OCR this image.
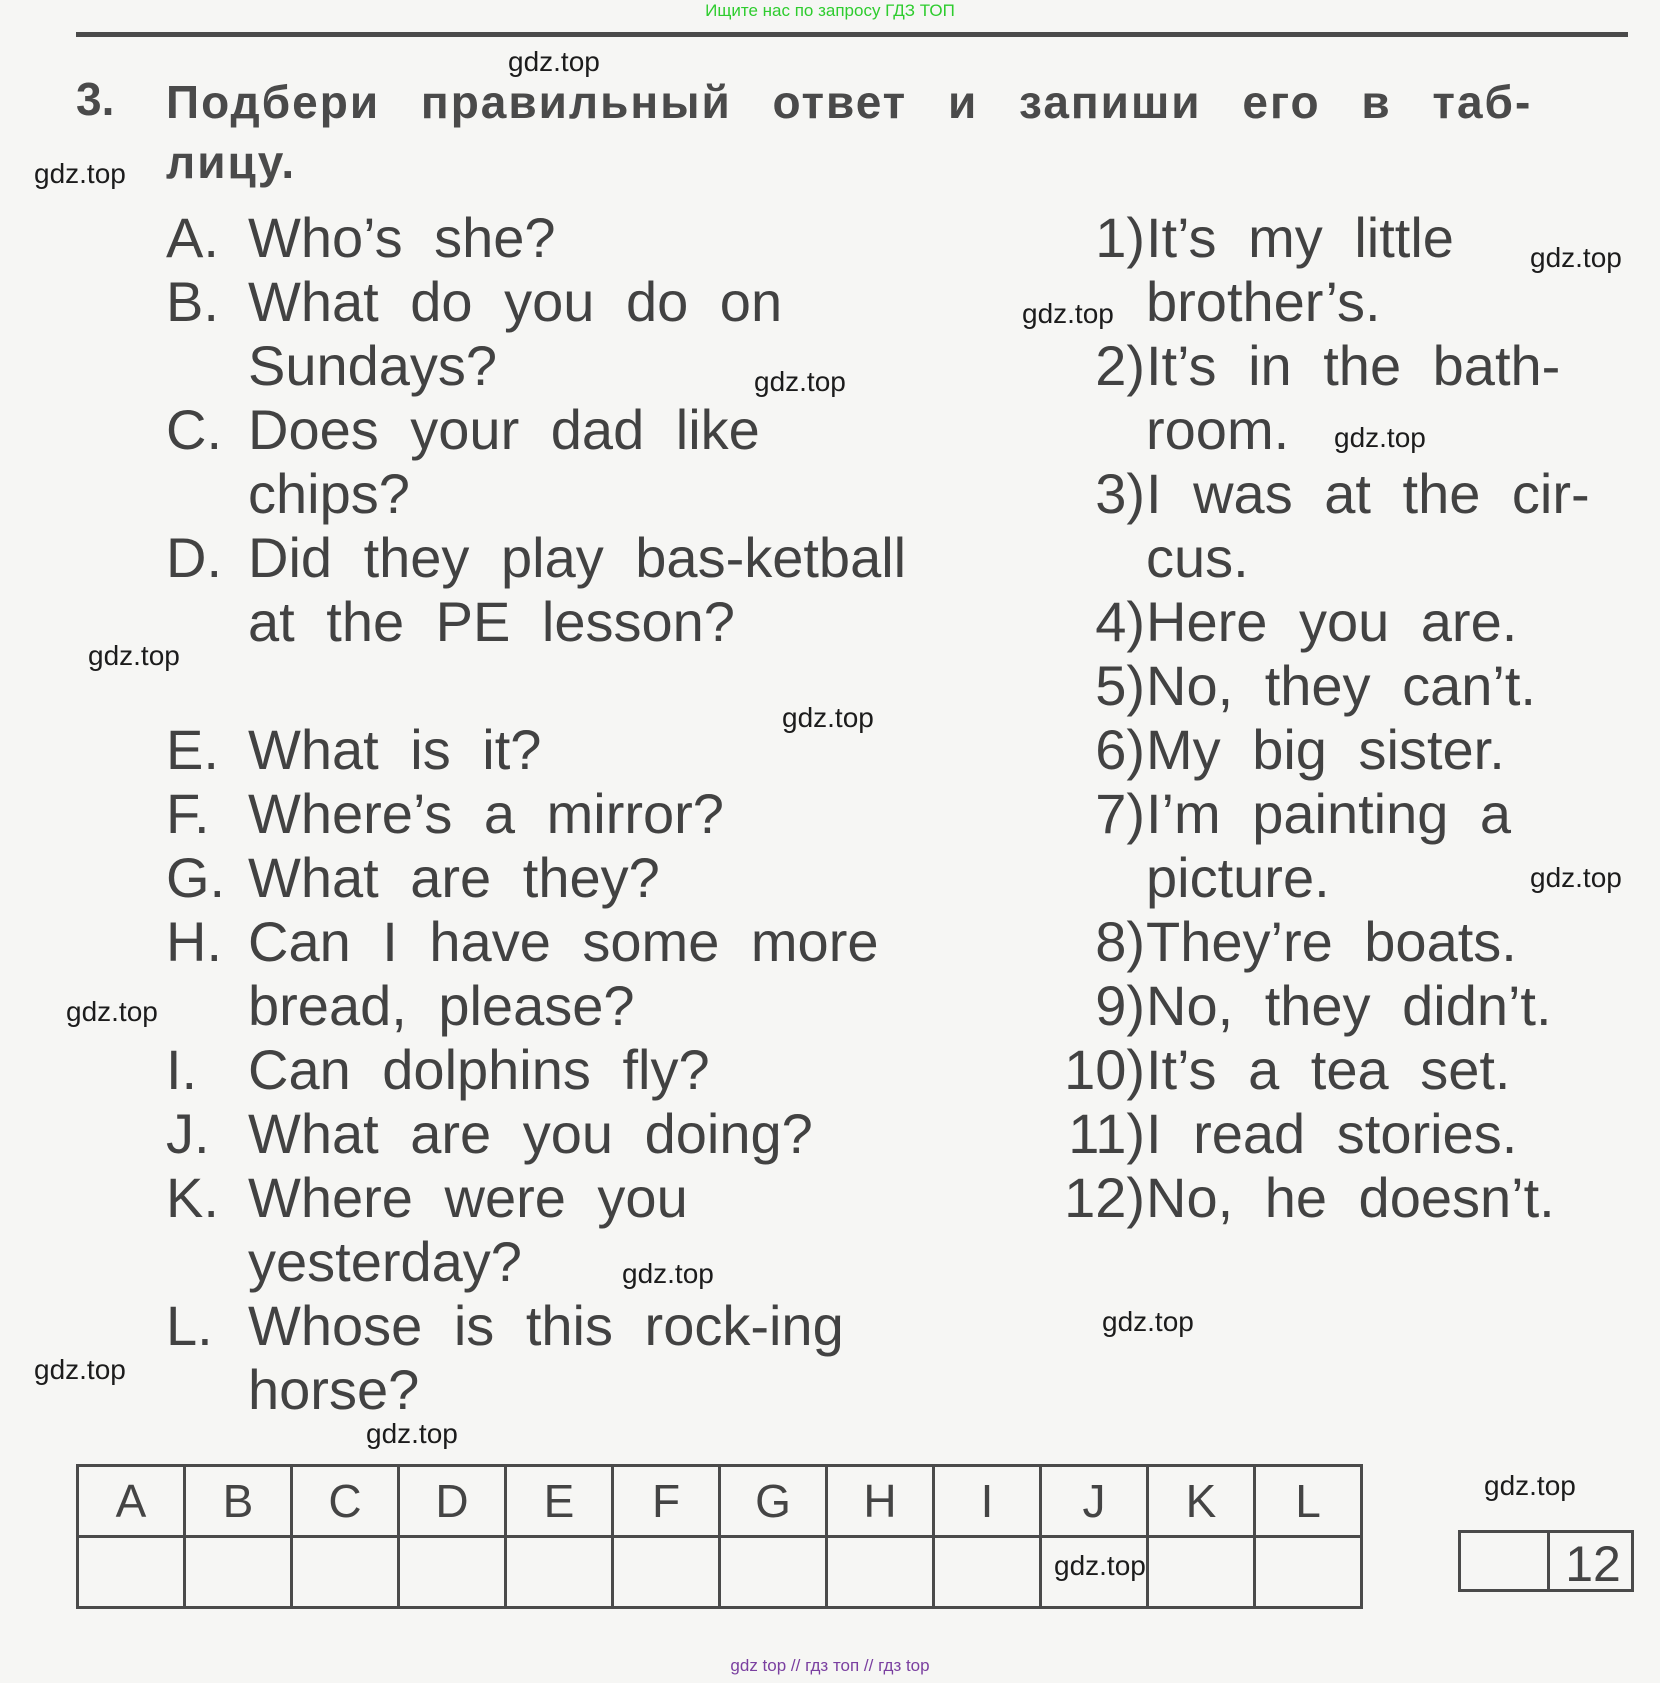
Ищите нас по запросу ГДЗ ТОП
3. Подбери правильный ответ и запиши его в таб-лицу.
A. Who’s she?
B. What do you do on Sundays?
C. Does your dad like chips?
D. Did they play bas-ketball at the PE lesson?
E. What is it?
F. Where’s a mirror?
G. What are they?
H. Can I have some more bread, please?
I. Can dolphins fly?
J. What are you doing?
K. Where were you yesterday?
L. Whose is this rock-ing horse?
1) It’s my little brother’s.
2) It’s in the bath-room.
3) I was at the cir-cus.
4) Here you are.
5) No, they can’t.
6) My big sister.
7) I’m painting a picture.
8) They’re boats.
9) No, they didn’t.
10) It’s a tea set.
11) I read stories.
12) No, he doesn’t.
gdz.top
gdz.top
gdz.top
gdz.top
gdz.top
gdz.top
gdz.top
gdz.top
gdz.top
gdz.top
gdz.top
gdz.top
gdz.top
gdz.top
gdz.top
gdz.top
A	B	C	D	E	F	G	H	I	J	K	L

12
gdz top // гдз топ // гдз top
